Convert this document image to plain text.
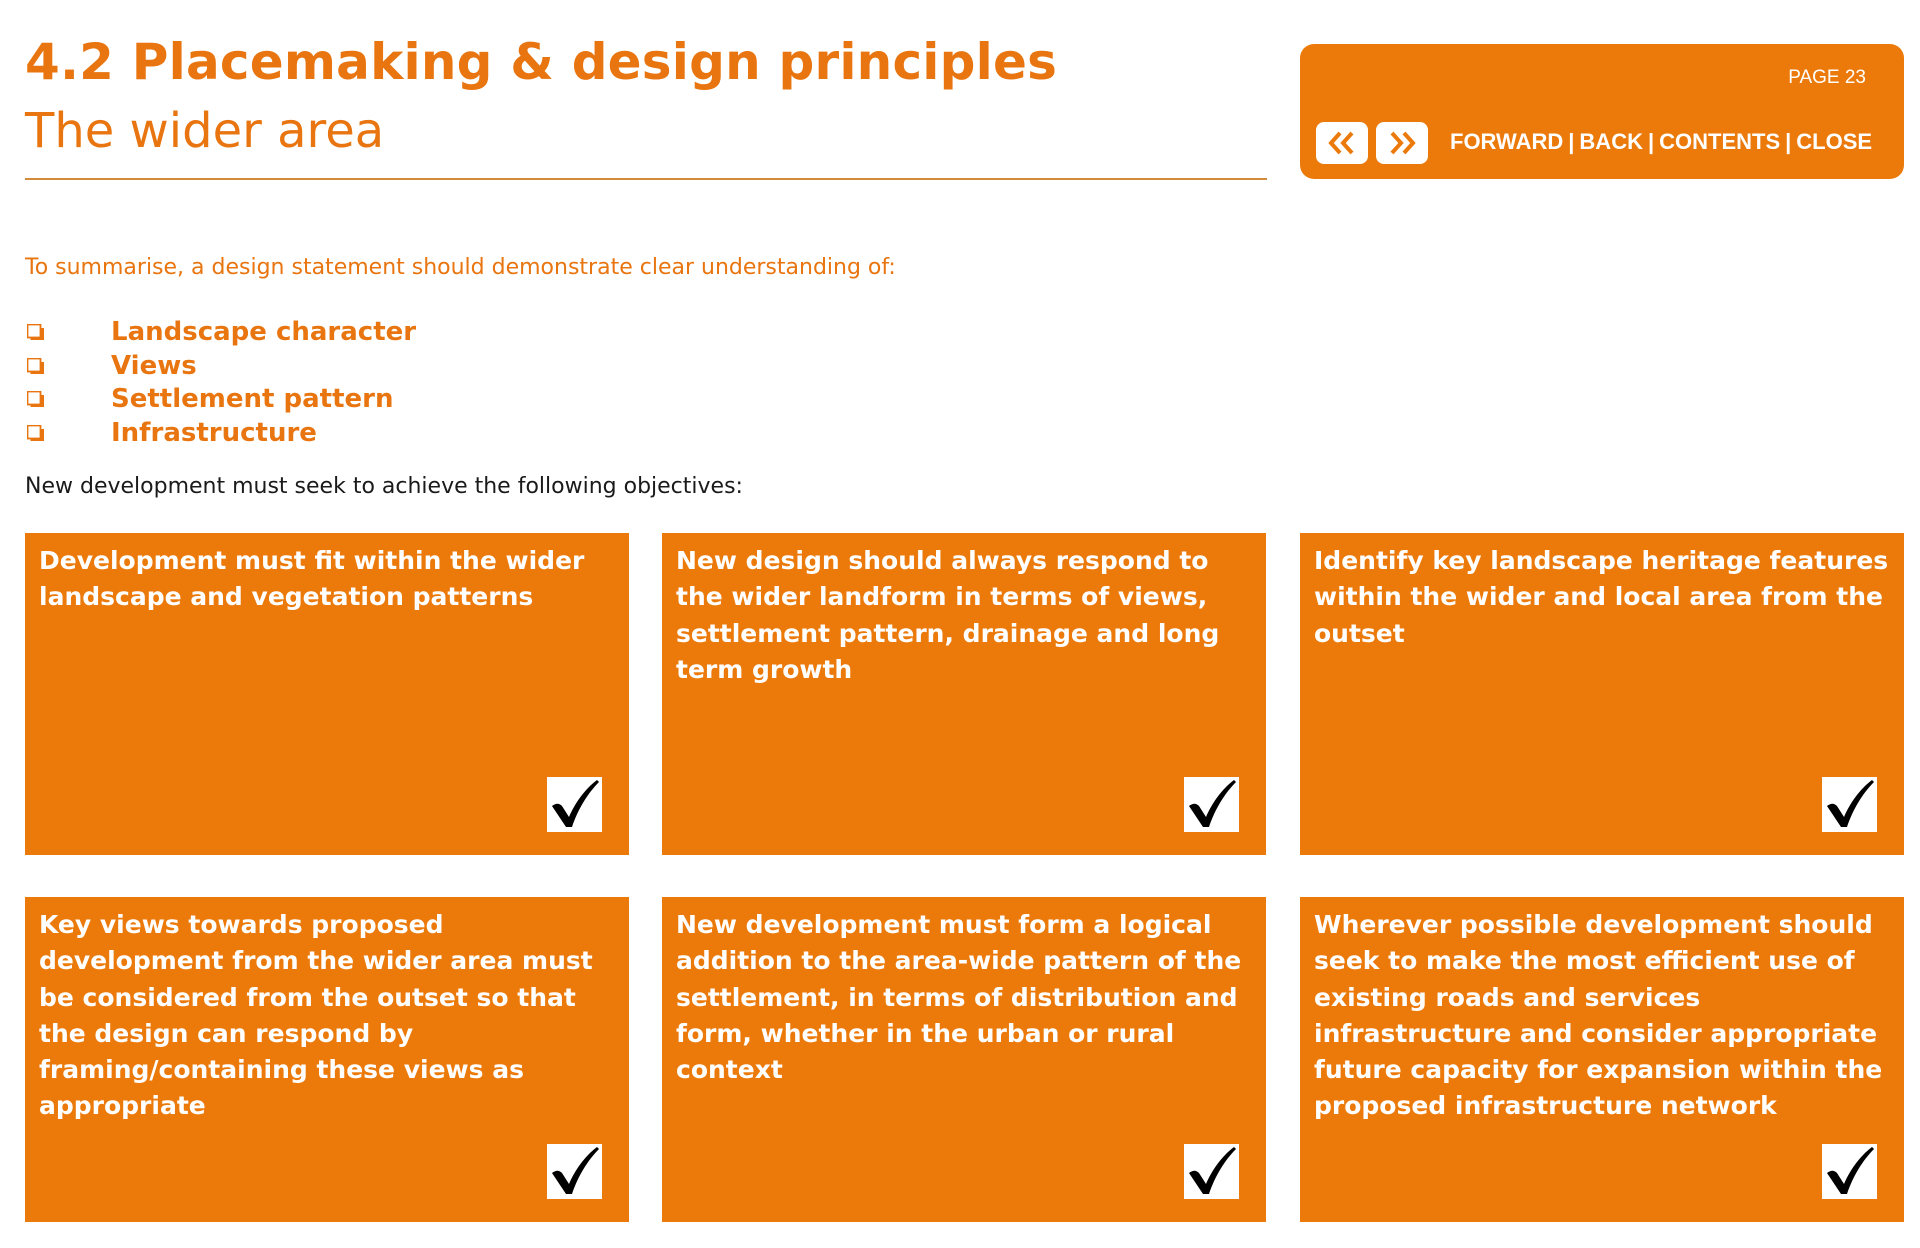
4.2 Placemaking & design principles
The wider area
PAGE 23
FORWARD | BACK | CONTENTS | CLOSE

To summarise, a design statement should demonstrate clear understanding of:

Landscape character
Views
Settlement pattern
Infrastructure

New development must seek to achieve the following objectives:

Development must fit within the wider landscape and vegetation patterns

New design should always respond to the wider landform in terms of views, settlement pattern, drainage and long term growth

Identify key landscape heritage features within the wider and local area from the outset

Key views towards proposed development from the wider area must be considered from the outset so that the design can respond by framing/containing these views as appropriate

New development must form a logical addition to the area-wide pattern of the settlement, in terms of distribution and form, whether in the urban or rural context

Wherever possible development should seek to make the most efficient use of existing roads and services infrastructure and consider appropriate future capacity for expansion within the proposed infrastructure network
